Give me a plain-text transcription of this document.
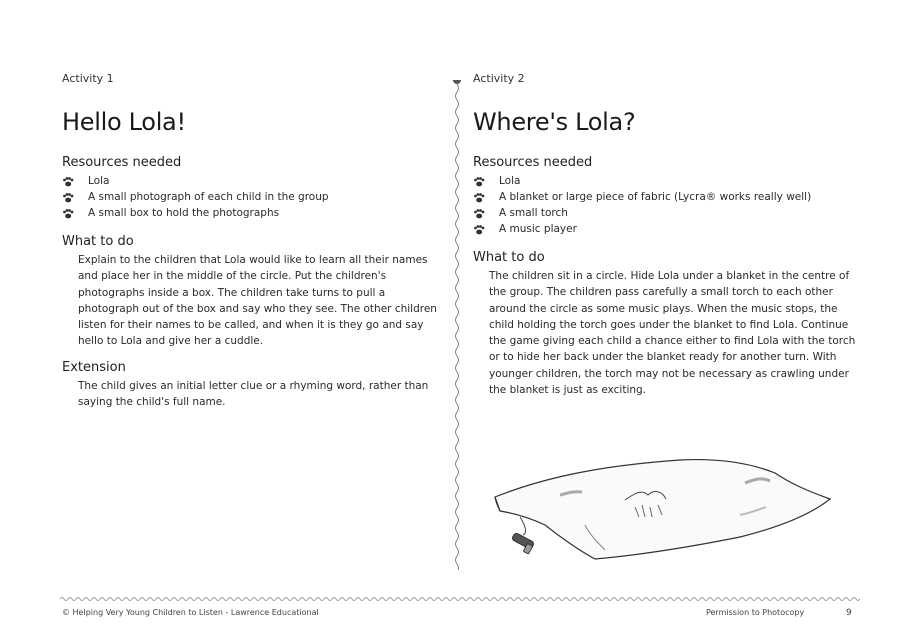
Activity 1
Hello Lola!
Resources needed
Lola
A small photograph of each child in the group
A small box to hold the photographs
What to do

Explain to the children that Lola would like to learn all their names and place her in the middle of the circle. Put the children's photographs inside a box. The children take turns to pull a photograph out of the box and say who they see. The other children listen for their names to be called, and when it is they go and say hello to Lola and give her a cuddle.

Extension

The child gives an initial letter clue or a rhyming word, rather than saying the child's full name.

Activity 2
Where's Lola?
Resources needed
Lola
A blanket or large piece of fabric (Lycra® works really well)
A small torch
A music player
What to do

The children sit in a circle. Hide Lola under a blanket in the centre of the group. The children pass carefully a small torch to each other around the circle as some music plays. When the music stops, the child holding the torch goes under the blanket to find Lola. Continue the game giving each child a chance either to find Lola with the torch or to hide her back under the blanket ready for another turn. With younger children, the torch may not be necessary as crawling under the blanket is just as exciting.

© Helping Very Young Children to Listen - Lawrence Educational	Permission to Photocopy	9
